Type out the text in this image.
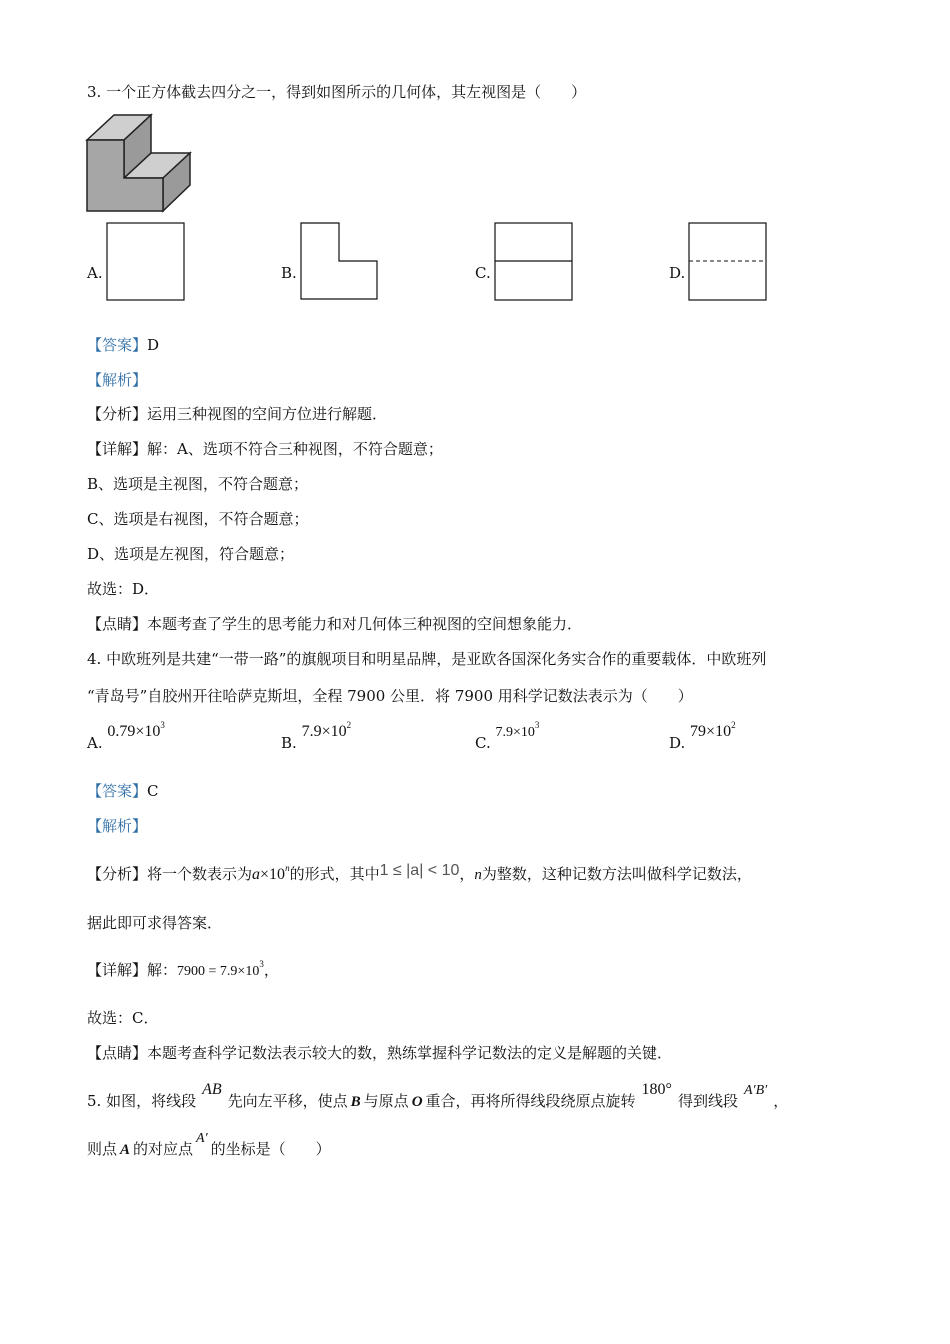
3. 一个正方体截去四分之一，得到如图所示的几何体，其左视图是（　　）
A.	B.	C.	D.
【答案】D
【解析】
【分析】运用三种视图的空间方位进行解题．
【详解】解：A、选项不符合三种视图，不符合题意；
B、选项是主视图，不符合题意；
C、选项是右视图，不符合题意；
D、选项是左视图，符合题意；
故选：D．
【点睛】本题考查了学生的思考能力和对几何体三种视图的空间想象能力．
4. 中欧班列是共建“一带一路”的旗舰项目和明星品牌，是亚欧各国深化务实合作的重要载体．中欧班列
“青岛号”自胶州开往哈萨克斯坦，全程 7900 公里．将 7900 用科学记数法表示为（　　）
A. $0.79\times 10^3$
B. $7.9\times 10^2$
C. $7.9\times 10^3$
D. $79\times 10^2$
【答案】C
【解析】
【分析】将一个数表示为$a\times 10^n$的形式，其中1 ≤ |a| < 10，n为整数，这种记数方法叫做科学记数法，
据此即可求得答案．
【详解】解：$7900 = 7.9\times 10^3$，
故选：C．
【点睛】本题考查科学记数法表示较大的数，熟练掌握科学记数法的定义是解题的关键．
5. 如图，将线段AB先向左平移，使点 B 与原点 O 重合，再将所得线段绕原点旋转180°得到线段A′B′，
则点 A 的对应点A′的坐标是（　　）
